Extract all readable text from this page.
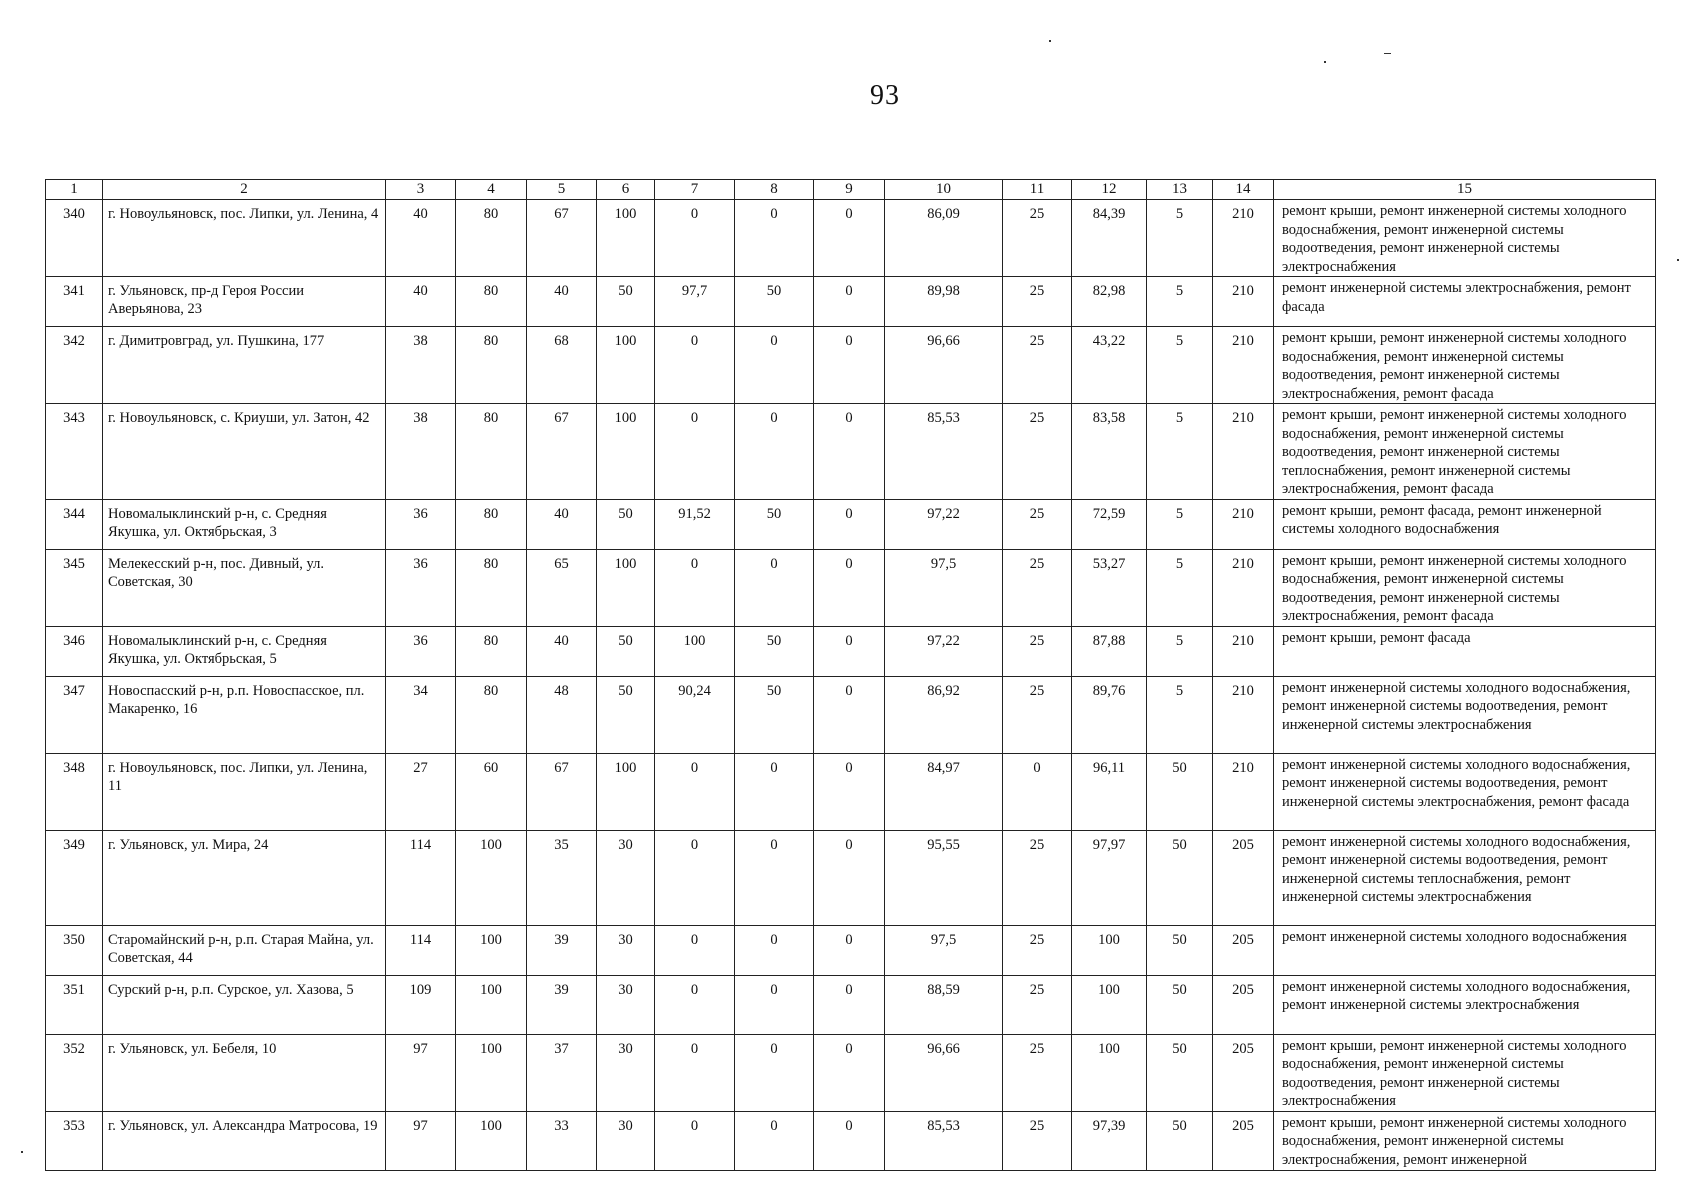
93
1	2	3	4	5	6	7	8	9	10	11	12	13	14	15
340	г. Новоульяновск, пос. Липки, ул. Ленина, 4	40	80	67	100	0	0	0	86,09	25	84,39	5	210	ремонт крыши, ремонт инженерной системы холодного водоснабжения, ремонт инженерной системы водоотведения, ремонт инженерной системы электроснабжения
341	г. Ульяновск, пр-д Героя России Аверьянова, 23	40	80	40	50	97,7	50	0	89,98	25	82,98	5	210	ремонт инженерной системы электроснабжения, ремонт фасада
342	г. Димитровград, ул. Пушкина, 177	38	80	68	100	0	0	0	96,66	25	43,22	5	210	ремонт крыши, ремонт инженерной системы холодного водоснабжения, ремонт инженерной системы водоотведения, ремонт инженерной системы электроснабжения, ремонт фасада
343	г. Новоульяновск, с. Криуши, ул. Затон, 42	38	80	67	100	0	0	0	85,53	25	83,58	5	210	ремонт крыши, ремонт инженерной системы холодного водоснабжения, ремонт инженерной системы водоотведения, ремонт инженерной системы теплоснабжения, ремонт инженерной системы электроснабжения, ремонт фасада
344	Новомалыклинский р-н, с. Средняя Якушка, ул. Октябрьская, 3	36	80	40	50	91,52	50	0	97,22	25	72,59	5	210	ремонт крыши, ремонт фасада, ремонт инженерной системы холодного водоснабжения
345	Мелекесский р-н, пос. Дивный, ул. Советская, 30	36	80	65	100	0	0	0	97,5	25	53,27	5	210	ремонт крыши, ремонт инженерной системы холодного водоснабжения, ремонт инженерной системы водоотведения, ремонт инженерной системы электроснабжения, ремонт фасада
346	Новомалыклинский р-н, с. Средняя Якушка, ул. Октябрьская, 5	36	80	40	50	100	50	0	97,22	25	87,88	5	210	ремонт крыши, ремонт фасада
347	Новоспасский р-н, р.п. Новоспасское, пл. Макаренко, 16	34	80	48	50	90,24	50	0	86,92	25	89,76	5	210	ремонт инженерной системы холодного водоснабжения, ремонт инженерной системы водоотведения, ремонт инженерной системы электроснабжения
348	г. Новоульяновск, пос. Липки, ул. Ленина, 11	27	60	67	100	0	0	0	84,97	0	96,11	50	210	ремонт инженерной системы холодного водоснабжения, ремонт инженерной системы водоотведения, ремонт инженерной системы электроснабжения, ремонт фасада
349	г. Ульяновск, ул. Мира, 24	114	100	35	30	0	0	0	95,55	25	97,97	50	205	ремонт инженерной системы холодного водоснабжения, ремонт инженерной системы водоотведения, ремонт инженерной системы теплоснабжения, ремонт инженерной системы электроснабжения
350	Старомайнский р-н, р.п. Старая Майна, ул. Советская, 44	114	100	39	30	0	0	0	97,5	25	100	50	205	ремонт инженерной системы холодного водоснабжения
351	Сурский р-н, р.п. Сурское, ул. Хазова, 5	109	100	39	30	0	0	0	88,59	25	100	50	205	ремонт инженерной системы холодного водоснабжения, ремонт инженерной системы электроснабжения
352	г. Ульяновск, ул. Бебеля, 10	97	100	37	30	0	0	0	96,66	25	100	50	205	ремонт крыши, ремонт инженерной системы холодного водоснабжения, ремонт инженерной системы водоотведения, ремонт инженерной системы электроснабжения
353	г. Ульяновск, ул. Александра Матросова, 19	97	100	33	30	0	0	0	85,53	25	97,39	50	205	ремонт крыши, ремонт инженерной системы холодного водоснабжения, ремонт инженерной системы электроснабжения, ремонт инженерной
